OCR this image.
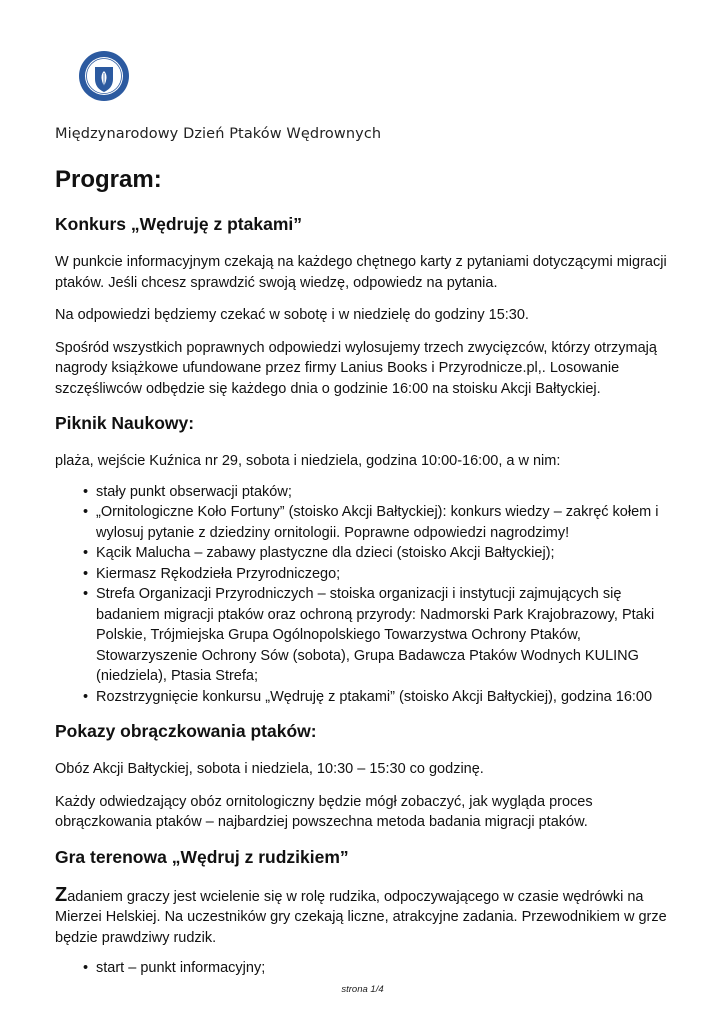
Międzynarodowy Dzień Ptaków Wędrownych
Program:
Konkurs „Wędruję z ptakami”

W punkcie informacyjnym czekają na każdego chętnego karty z pytaniami dotyczącymi migracji ptaków. Jeśli chcesz sprawdzić swoją wiedzę, odpowiedz na pytania.

Na odpowiedzi będziemy czekać w sobotę i w niedzielę do godziny 15:30.

Spośród wszystkich poprawnych odpowiedzi wylosujemy trzech zwycięzców, którzy otrzymają nagrody książkowe ufundowane przez firmy Lanius Books i Przyrodnicze.pl,. Losowanie szczęśliwców odbędzie się każdego dnia o godzinie 16:00 na stoisku Akcji Bałtyckiej.

Piknik Naukowy:

plaża, wejście Kuźnica nr 29, sobota i niedziela, godzina 10:00-16:00, a w nim:

• stały punkt obserwacji ptaków;
• „Ornitologiczne Koło Fortuny” (stoisko Akcji Bałtyckiej): konkurs wiedzy – zakręć kołem i wylosuj pytanie z dziedziny ornitologii. Poprawne odpowiedzi nagrodzimy!
• Kącik Malucha – zabawy plastyczne dla dzieci (stoisko Akcji Bałtyckiej);
• Kiermasz Rękodzieła Przyrodniczego;
• Strefa Organizacji Przyrodniczych – stoiska organizacji i instytucji zajmujących się badaniem migracji ptaków oraz ochroną przyrody: Nadmorski Park Krajobrazowy, Ptaki Polskie, Trójmiejska Grupa Ogólnopolskiego Towarzystwa Ochrony Ptaków, Stowarzyszenie Ochrony Sów (sobota), Grupa Badawcza Ptaków Wodnych KULING (niedziela), Ptasia Strefa;
• Rozstrzygnięcie konkursu „Wędruję z ptakami” (stoisko Akcji Bałtyckiej), godzina 16:00
Pokazy obrączkowania ptaków:

Obóz Akcji Bałtyckiej, sobota i niedziela, 10:30 – 15:30 co godzinę.

Każdy odwiedzający obóz ornitologiczny będzie mógł zobaczyć, jak wygląda proces obrączkowania ptaków – najbardziej powszechna metoda badania migracji ptaków.

Gra terenowa „Wędruj z rudzikiem”

Zadaniem graczy jest wcielenie się w rolę rudzika, odpoczywającego w czasie wędrówki na Mierzei Helskiej. Na uczestników gry czekają liczne, atrakcyjne zadania. Przewodnikiem w grze będzie prawdziwy rudzik.

• start – punkt informacyjny;
strona 1/4
